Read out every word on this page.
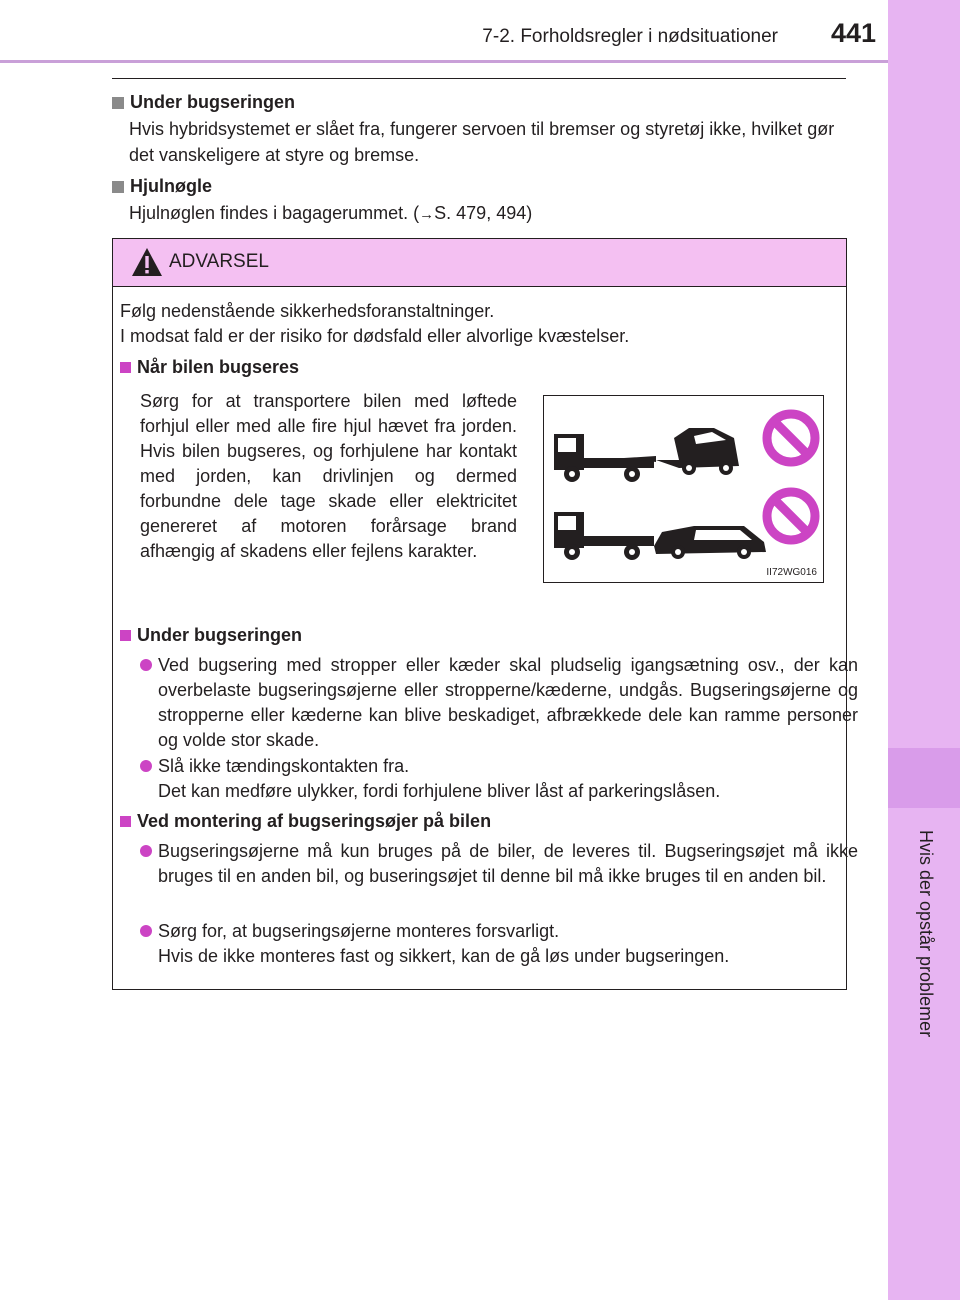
7-2. Forholdsregler i nødsituationer 441
7
Hvis der opstår problemer
Under bugseringen
Hvis hybridsystemet er slået fra, fungerer servoen til bremser og styretøj ikke, hvilket gør det vanskeligere at styre og bremse.
Hjulnøgle
Hjulnøglen findes i bagagerummet. (→S. 479, 494)
ADVARSEL
Følg nedenstående sikkerhedsforanstaltninger.
I modsat fald er der risiko for dødsfald eller alvorlige kvæstelser.
Når bilen bugseres
Sørg for at transportere bilen med løftede forhjul eller med alle fire hjul hævet fra jorden. Hvis bilen bugseres, og forhjulene har kontakt med jorden, kan drivlinjen og dermed forbundne dele tage skade eller elektricitet genereret af motoren forårsage brand afhængig af skadens eller fejlens karakter.
II72WG016
Under bugseringen
Ved bugsering med stropper eller kæder skal pludselig igangsætning osv., der kan overbelaste bugseringsøjerne eller stropperne/kæderne, undgås. Bugseringsøjerne og stropperne eller kæderne kan blive beskadiget, afbrækkede dele kan ramme personer og volde stor skade.
Slå ikke tændingskontakten fra.
Det kan medføre ulykker, fordi forhjulene bliver låst af parkeringslåsen.
Ved montering af bugseringsøjer på bilen
Bugseringsøjerne må kun bruges på de biler, de leveres til. Bugseringsøjet må ikke bruges til en anden bil, og buseringsøjet til denne bil må ikke bruges til en anden bil.
Sørg for, at bugseringsøjerne monteres forsvarligt.
Hvis de ikke monteres fast og sikkert, kan de gå løs under bugseringen.
